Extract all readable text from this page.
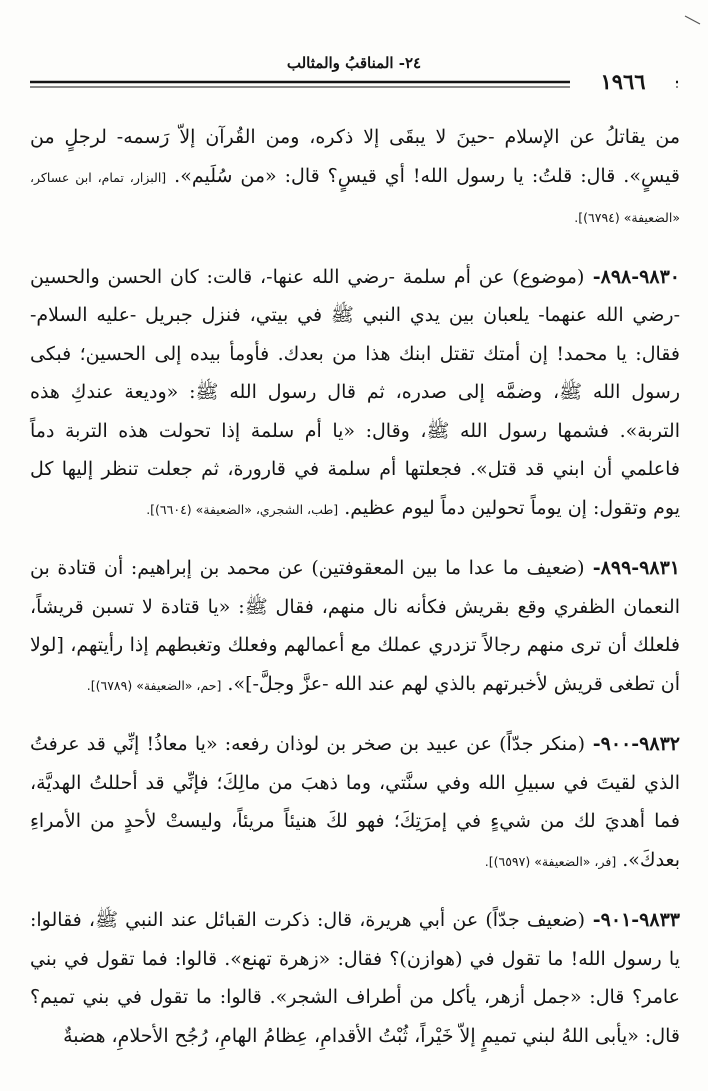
٢٤- المناقبُ والمثالب
١٩٦٦

من يقاتلُ عن الإسلام -حينَ لا يبقَى إلا ذكره، ومن القُرآن إلاّ رَسمه- لرجلٍ من قيسٍ». قال: قلتُ: يا رسول الله! أي قيسٍ؟ قال: «من سُلَيم». [البزار، تمام، ابن عساكر، «الضعيفة» (٦٧٩٤)].

٩٨٣٠-٨٩٨- (موضوع) عن أم سلمة -رضي الله عنها-، قالت: كان الحسن والحسين -رضي الله عنهما- يلعبان بين يدي النبي ﷺ في بيتي، فنزل جبريل -عليه السلام- فقال: يا محمد! إن أمتك تقتل ابنك هذا من بعدك. فأومأ بيده إلى الحسين؛ فبكى رسول الله ﷺ، وضمَّه إلى صدره، ثم قال رسول الله ﷺ: «وديعة عندكِ هذه التربة». فشمها رسول الله ﷺ، وقال: «يا أم سلمة إذا تحولت هذه التربة دماً فاعلمي أن ابني قد قتل». فجعلتها أم سلمة في قارورة، ثم جعلت تنظر إليها كل يوم وتقول: إن يوماً تحولين دماً ليوم عظيم. [طب، الشجري، «الضعيفة» (٦٦٠٤)].

٩٨٣١-٨٩٩- (ضعيف ما عدا ما بين المعقوفتين) عن محمد بن إبراهيم: أن قتادة بن النعمان الظفري وقع بقريش فكأنه نال منهم، فقال ﷺ: «يا قتادة لا تسبن قريشاً، فلعلك أن ترى منهم رجالاً تزدري عملك مع أعمالهم وفعلك وتغبطهم إذا رأيتهم، [لولا أن تطغى قريش لأخبرتهم بالذي لهم عند الله -عزَّ وجلَّ-]». [حم، «الضعيفة» (٦٧٨٩)].

٩٨٣٢-٩٠٠- (منكر جدّاً) عن عبيد بن صخر بن لوذان رفعه: «يا معاذُ! إنِّي قد عرفتُ الذي لقيتَ في سبيلِ الله وفي سنَّتي، وما ذهبَ من مالِكَ؛ فإنِّي قد أحللتُ الهديَّة، فما أهديَ لك من شيءٍ في إمرَتِكَ؛ فهو لكَ هنيئاً مريئاً، وليستْ لأحدٍ من الأمراءِ بعدكَ». [فر، «الضعيفة» (٦٥٩٧)].

٩٨٣٣-٩٠١- (ضعيف جدّاً) عن أبي هريرة، قال: ذكرت القبائل عند النبي ﷺ، فقالوا: يا رسول الله! ما تقول في (هوازن)؟ فقال: «زهرة تهنع». قالوا: فما تقول في بني عامر؟ قال: «جمل أزهر، يأكل من أطراف الشجر». قالوا: ما تقول في بني تميم؟ قال: «يأبى اللهُ لبني تميمٍ إلاّ خَيْراً، ثُبْتُ الأقدامِ، عِظامُ الهامِ، رُجُح الأحلامِ، هضبةٌ
